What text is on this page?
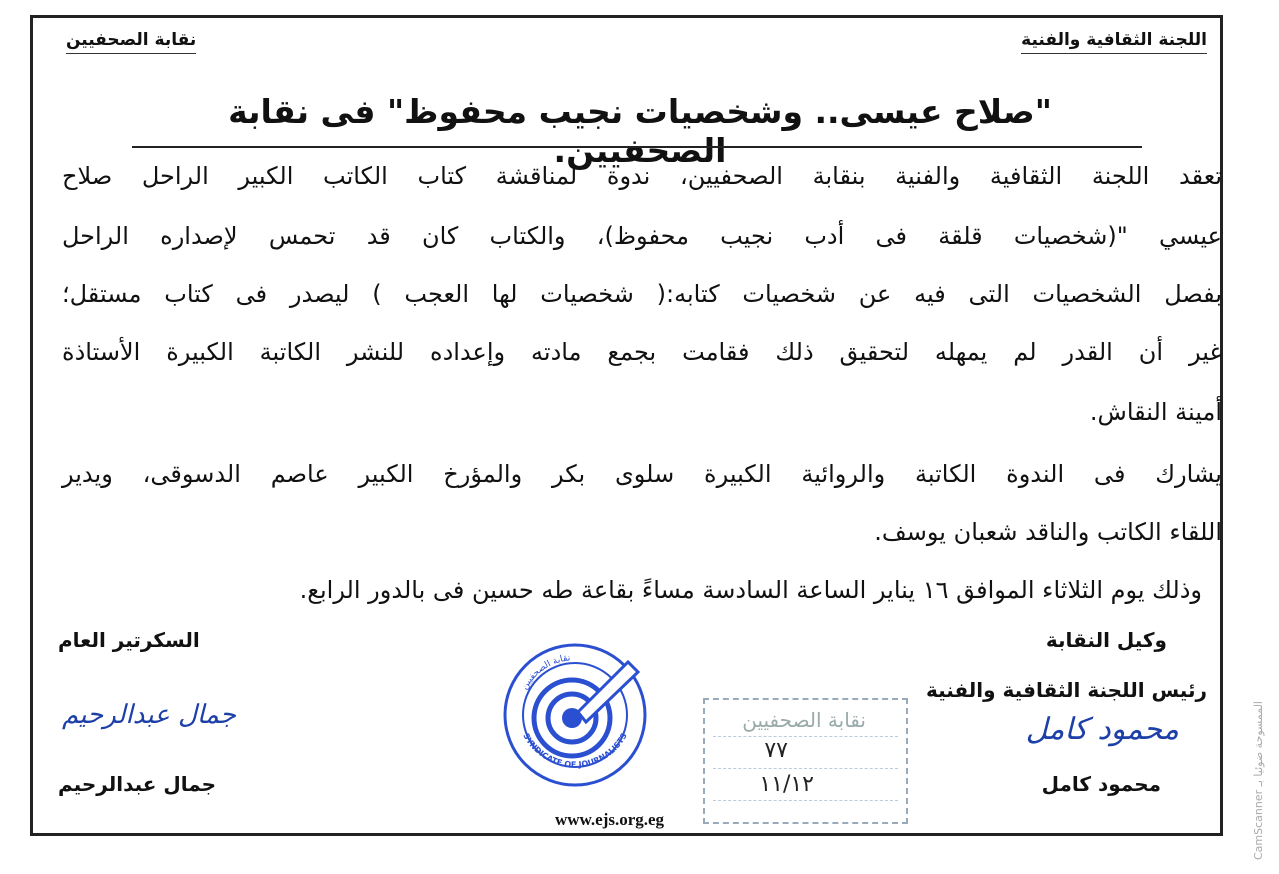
اللجنة الثقافية والفنية
نقابة الصحفيين
"صلاح عيسى.. وشخصيات نجيب محفوظ" فى نقابة الصحفيين.
تعقد اللجنة الثقافية والفنية بنقابة الصحفيين، ندوة لمناقشة كتاب الكاتب الكبير الراحل صلاح
عيسي "(شخصيات قلقة فى أدب نجيب محفوظ)، والكتاب كان قد تحمس لإصداره الراحل
بفصل الشخصيات التى فيه عن شخصيات كتابه:( شخصيات لها العجب ) ليصدر فى كتاب مستقل؛
غير أن القدر لم يمهله لتحقيق ذلك فقامت بجمع مادته وإعداده للنشر الكاتبة الكبيرة الأستاذة
أمينة النقاش.
يشارك فى الندوة الكاتبة والروائية الكبيرة سلوى بكر والمؤرخ الكبير عاصم الدسوقى، ويدير
اللقاء الكاتب والناقد شعبان يوسف.
وذلك يوم الثلاثاء الموافق ١٦ يناير الساعة السادسة مساءً بقاعة طه حسين فى بالدور الرابع.
وكيل النقابة
رئيس اللجنة الثقافية والفنية
محمود كامل
محمود كامل
السكرتير العام
جمال عبدالرحيم
جمال عبدالرحيم
نقابة الصحفيين
SYNDICATE OF JOURNALISTS
نقابة الصحفيين
٧٧
١١/١٢
www.ejs.org.eg	CamScanner الممسوحة ضوئيا بـ
